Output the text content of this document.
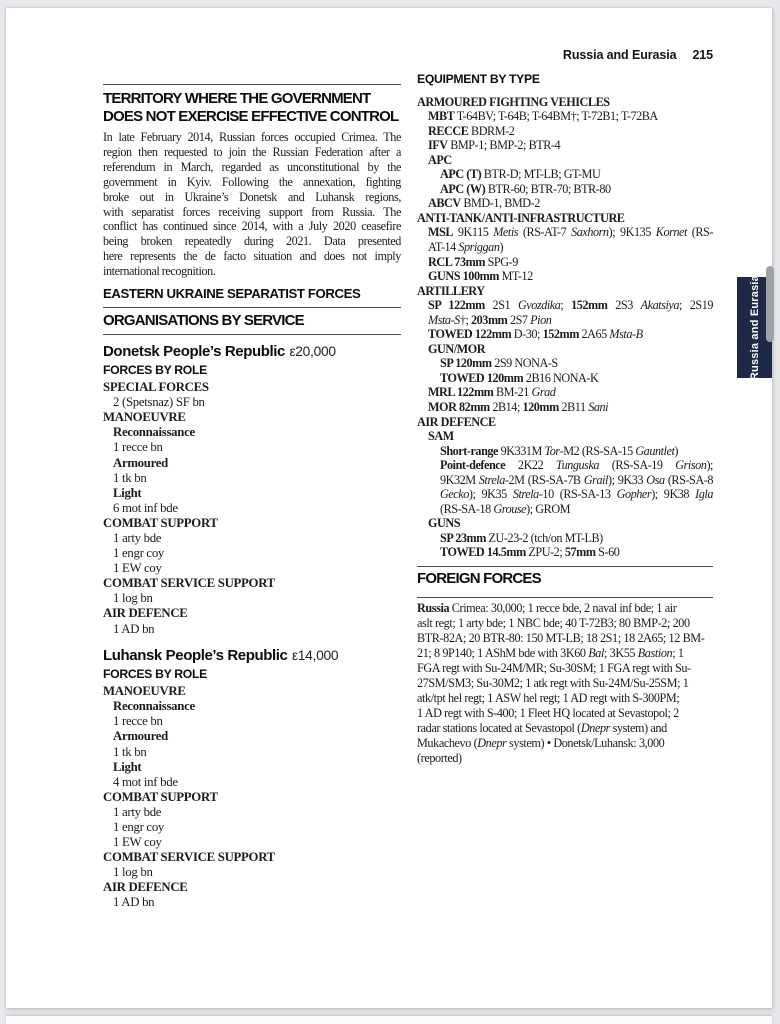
Russia and Eurasia 215
TERRITORY WHERE THE GOVERNMENT
DOES NOT EXERCISE EFFECTIVE CONTROL
In late February 2014, Russian forces occupied Crimea. The
region then requested to join the Russian Federation after a
referendum in March, regarded as unconstitutional by the
government in Kyiv. Following the annexation, fighting
broke out in Ukraine’s Donetsk and Luhansk regions,
with separatist forces receiving support from Russia. The
conflict has continued since 2014, with a July 2020 ceasefire
being broken repeatedly during 2021. Data presented
here represents the de facto situation and does not imply
international recognition.
EASTERN UKRAINE SEPARATIST FORCES
ORGANISATIONS BY SERVICE
Donetsk People’s Republic ε20,000
FORCES BY ROLE
SPECIAL FORCES
2 (Spetsnaz) SF bn
MANOEUVRE
Reconnaissance
1 recce bn
Armoured
1 tk bn
Light
6 mot inf bde
COMBAT SUPPORT
1 arty bde
1 engr coy
1 EW coy
COMBAT SERVICE SUPPORT
1 log bn
AIR DEFENCE
1 AD bn
Luhansk People’s Republic ε14,000
FORCES BY ROLE
MANOEUVRE
Reconnaissance
1 recce bn
Armoured
1 tk bn
Light
4 mot inf bde
COMBAT SUPPORT
1 arty bde
1 engr coy
1 EW coy
COMBAT SERVICE SUPPORT
1 log bn
AIR DEFENCE
1 AD bn
EQUIPMENT BY TYPE
ARMOURED FIGHTING VEHICLES
MBT T-64BV; T-64B; T-64BM†; T-72B1; T-72BA
RECCE BDRM-2
IFV BMP-1; BMP-2; BTR-4
APC
APC (T) BTR-D; MT-LB; GT-MU
APC (W) BTR-60; BTR-70; BTR-80
ABCV BMD-1, BMD-2
ANTI-TANK/ANTI-INFRASTRUCTURE
MSL 9K115 Metis (RS-AT-7 Saxhorn); 9K135 Kornet (RS-
AT-14 Spriggan)
RCL 73mm SPG-9
GUNS 100mm MT-12
ARTILLERY
SP 122mm 2S1 Gvozdika; 152mm 2S3 Akatsiya; 2S19
Msta-S†; 203mm 2S7 Pion
TOWED 122mm D-30; 152mm 2A65 Msta-B
GUN/MOR
SP 120mm 2S9 NONA-S
TOWED 120mm 2B16 NONA-K
MRL 122mm BM-21 Grad
MOR 82mm 2B14; 120mm 2B11 Sani
AIR DEFENCE
SAM
Short-range 9K331M Tor-M2 (RS-SA-15 Gauntlet)
Point-defence 2K22 Tunguska (RS-SA-19 Grison);
9K32M Strela-2M (RS-SA-7B Grail); 9K33 Osa (RS-SA-8
Gecko); 9K35 Strela-10 (RS-SA-13 Gopher); 9K38 Igla
(RS-SA-18 Grouse); GROM
GUNS
SP 23mm ZU-23-2 (tch/on MT-LB)
TOWED 14.5mm ZPU-2; 57mm S-60
FOREIGN FORCES
Russia Crimea: 30,000; 1 recce bde, 2 naval inf bde; 1 air
aslt regt; 1 arty bde; 1 NBC bde; 40 T-72B3; 80 BMP-2; 200
BTR-82A; 20 BTR-80: 150 MT-LB; 18 2S1; 18 2A65; 12 BM-
21; 8 9P140; 1 AShM bde with 3K60 Bal; 3K55 Bastion; 1
FGA regt with Su-24M/MR; Su-30SM; 1 FGA regt with Su-
27SM/SM3; Su-30M2; 1 atk regt with Su-24M/Su-25SM; 1
atk/tpt hel regt; 1 ASW hel regt; 1 AD regt with S-300PM;
1 AD regt with S-400; 1 Fleet HQ located at Sevastopol; 2
radar stations located at Sevastopol (Dnepr system) and
Mukachevo (Dnepr system) • Donetsk/Luhansk: 3,000
(reported)
Russia and Eurasia
